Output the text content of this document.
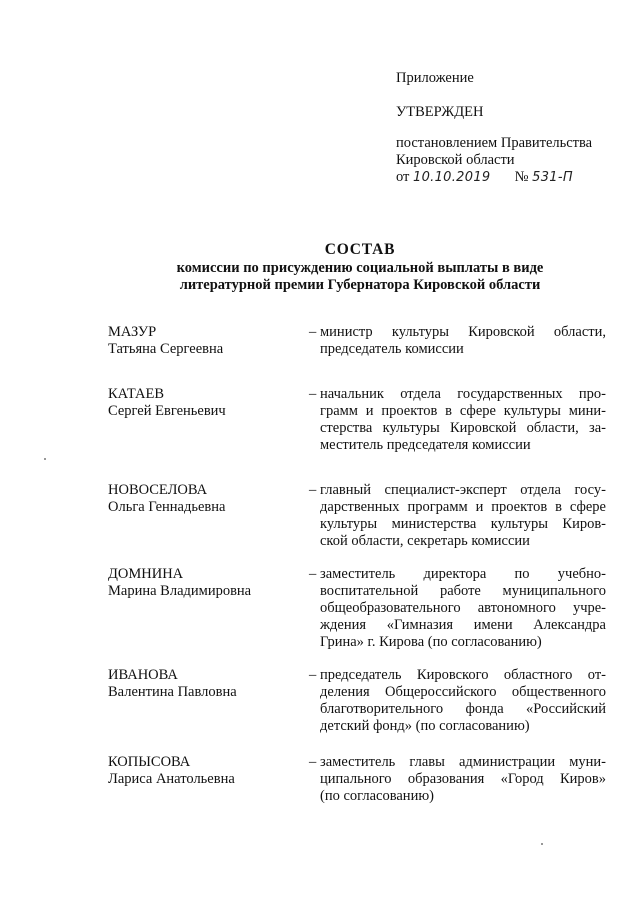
Приложение
УТВЕРЖДЕН
постановлением Правительства
Кировской области
от 10.10.2019 № 531-П
СОСТАВ
комиссии по присуждению социальной выплаты в виде
литературной премии Губернатора Кировской области
МАЗУР
Татьяна Сергеевна
– министр культуры Кировской области,
председатель комиссии
КАТАЕВ
Сергей Евгеньевич
– начальник отдела государственных про-
грамм и проектов в сфере культуры мини-
стерства культуры Кировской области, за-
меститель председателя комиссии
НОВОСЕЛОВА
Ольга Геннадьевна
– главный специалист-эксперт отдела госу-
дарственных программ и проектов в сфере
культуры министерства культуры Киров-
ской области, секретарь комиссии
ДОМНИНА
Марина Владимировна
– заместитель директора по учебно-
воспитательной работе муниципального
общеобразовательного автономного учре-
ждения «Гимназия имени Александра
Грина» г. Кирова (по согласованию)
ИВАНОВА
Валентина Павловна
– председатель Кировского областного от-
деления Общероссийского общественного
благотворительного фонда «Российский
детский фонд» (по согласованию)
КОПЫСОВА
Лариса Анатольевна
– заместитель главы администрации муни-
ципального образования «Город Киров»
(по согласованию)
